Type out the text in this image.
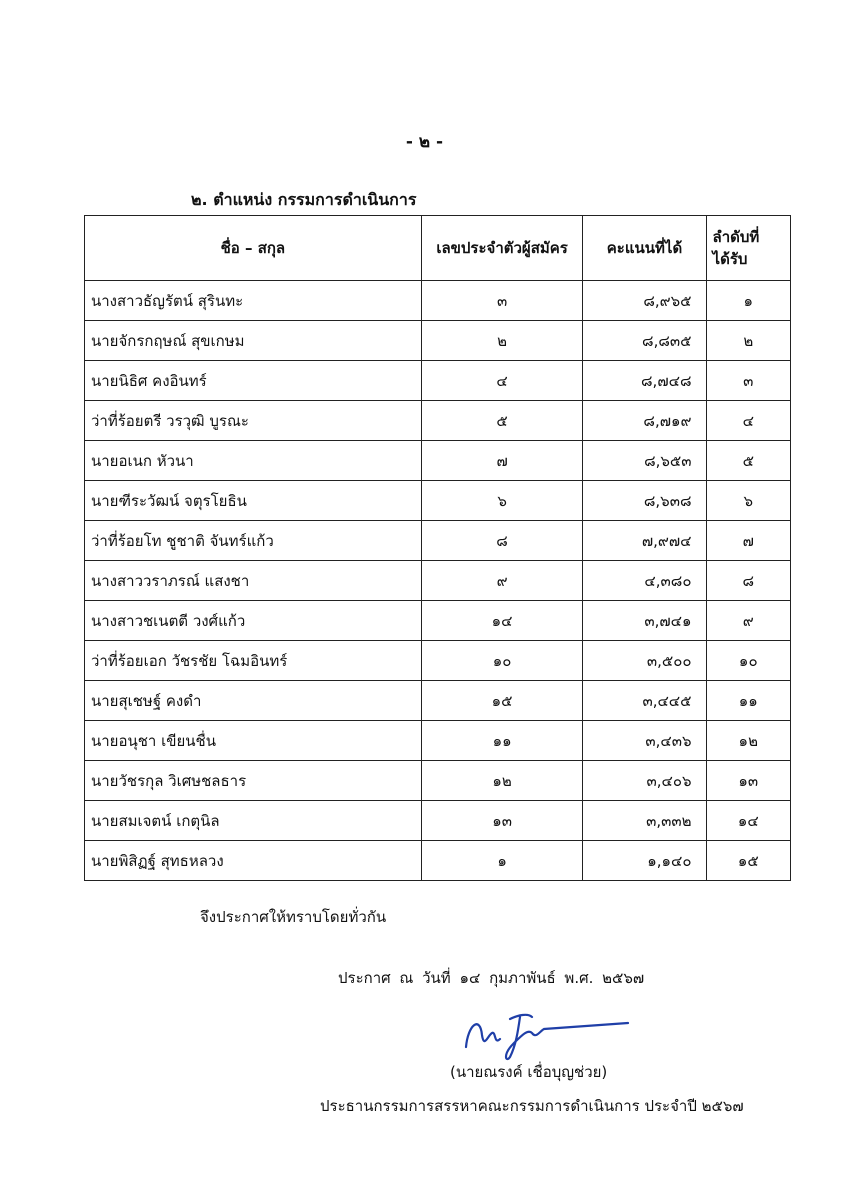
- ๒ -
๒. ตำแหน่ง กรรมการดำเนินการ
ชื่อ – สกุล	เลขประจำตัวผู้สมัคร	คะแนนที่ได้	ลำดับที่
ได้รับ
นางสาวธัญรัตน์ สุรินทะ	๓	๘,๙๖๕	๑
นายจักรกฤษณ์ สุขเกษม	๒	๘,๘๓๕	๒
นายนิธิศ คงอินทร์	๔	๘,๗๔๘	๓
ว่าที่ร้อยตรี วรวุฒิ บูรณะ	๕	๘,๗๑๙	๔
นายอเนก หัวนา	๗	๘,๖๕๓	๕
นายฑีระวัฒน์ จตุรโยธิน	๖	๘,๖๓๘	๖
ว่าที่ร้อยโท ชูชาติ จันทร์แก้ว	๘	๗,๙๗๔	๗
นางสาววราภรณ์ แสงชา	๙	๔,๓๘๐	๘
นางสาวชเนตตี วงศ์แก้ว	๑๔	๓,๗๔๑	๙
ว่าที่ร้อยเอก วัชรชัย โฉมอินทร์	๑๐	๓,๕๐๐	๑๐
นายสุเชษฐ์ คงดำ	๑๕	๓,๔๔๕	๑๑
นายอนุชา เขียนชื่น	๑๑	๓,๔๓๖	๑๒
นายวัชรกุล วิเศษชลธาร	๑๒	๓,๔๐๖	๑๓
นายสมเจตน์ เกตุนิล	๑๓	๓,๓๓๒	๑๔
นายพิสิฏฐ์ สุทธหลวง	๑	๑,๑๔๐	๑๕
จึงประกาศให้ทราบโดยทั่วกัน
ประกาศ ณ วันที่ ๑๔ กุมภาพันธ์ พ.ศ. ๒๕๖๗
(นายณรงค์ เชื่อบุญช่วย)
ประธานกรรมการสรรหาคณะกรรมการดำเนินการ ประจำปี ๒๕๖๗
